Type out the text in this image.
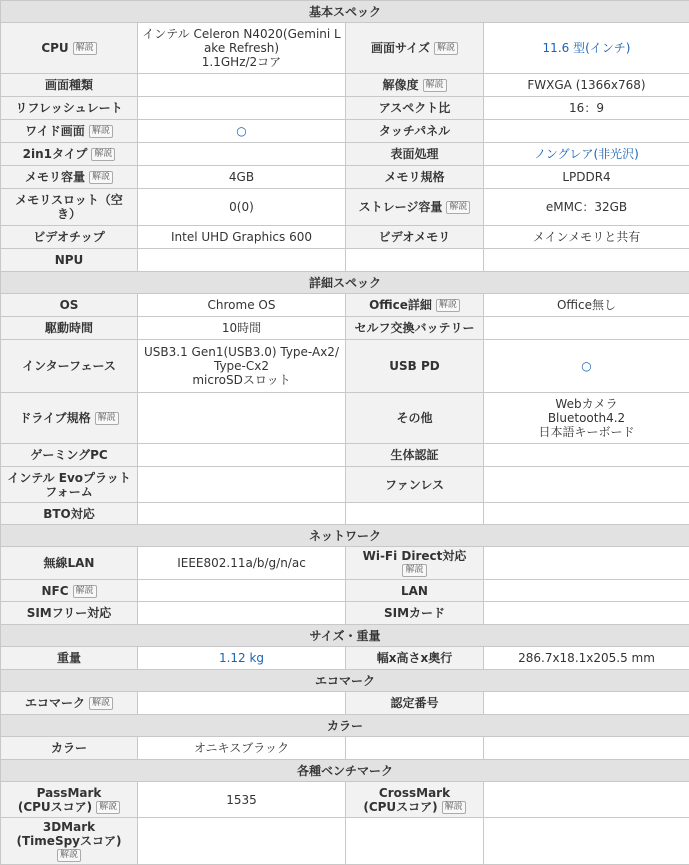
基本スペック			
CPU 解説	インテル Celeron N4020(Gemini L
ake Refresh)
1.1GHz/2コア	画面サイズ 解説	11.6 型(インチ)
画面種類		解像度 解説	FWXGA (1366x768)
リフレッシュレート		アスペクト比	16：9
ワイド画面 解説	○	タッチパネル	
2in1タイプ 解説		表面処理	ノングレア(非光沢)
メモリ容量 解説	4GB	メモリ規格	LPDDR4

メモリスロット（空
き）	0(0)	ストレージ容量 解説	eMMC：32GB
ビデオチップ	Intel UHD Graphics 600	ビデオメモリ	メインメモリと共有
NPU			
詳細スペック			
OS	Chrome OS	Office詳細 解説	Office無し
駆動時間	10時間	セルフ交換バッテリー	
インターフェース	USB3.1 Gen1(USB3.0) Type-Ax2/
Type-Cx2
microSDスロット	USB PD	○
ドライブ規格 解説		その他	Webカメラ
Bluetooth4.2
日本語キーボード

ゲーミングPC		生体認証	

インテル Evoプラット
フォーム		ファンレス	
BTO対応			
ネットワーク			
無線LAN	IEEE802.11a/b/g/n/ac	Wi-Fi Direct対応
解説	
NFC 解説		LAN	
SIMフリー対応		SIMカード	
サイズ・重量			
重量	1.12 kg	幅x高さx奥行	286.7x18.1x205.5 mm
エコマーク			
エコマーク 解説		認定番号	
カラー			
カラー	オニキスブラック		
各種ベンチマーク			

PassMark
(CPUスコア) 解説	1535	CrossMark
(CPUスコア) 解説	

3DMark
(TimeSpyスコア)
解説			
